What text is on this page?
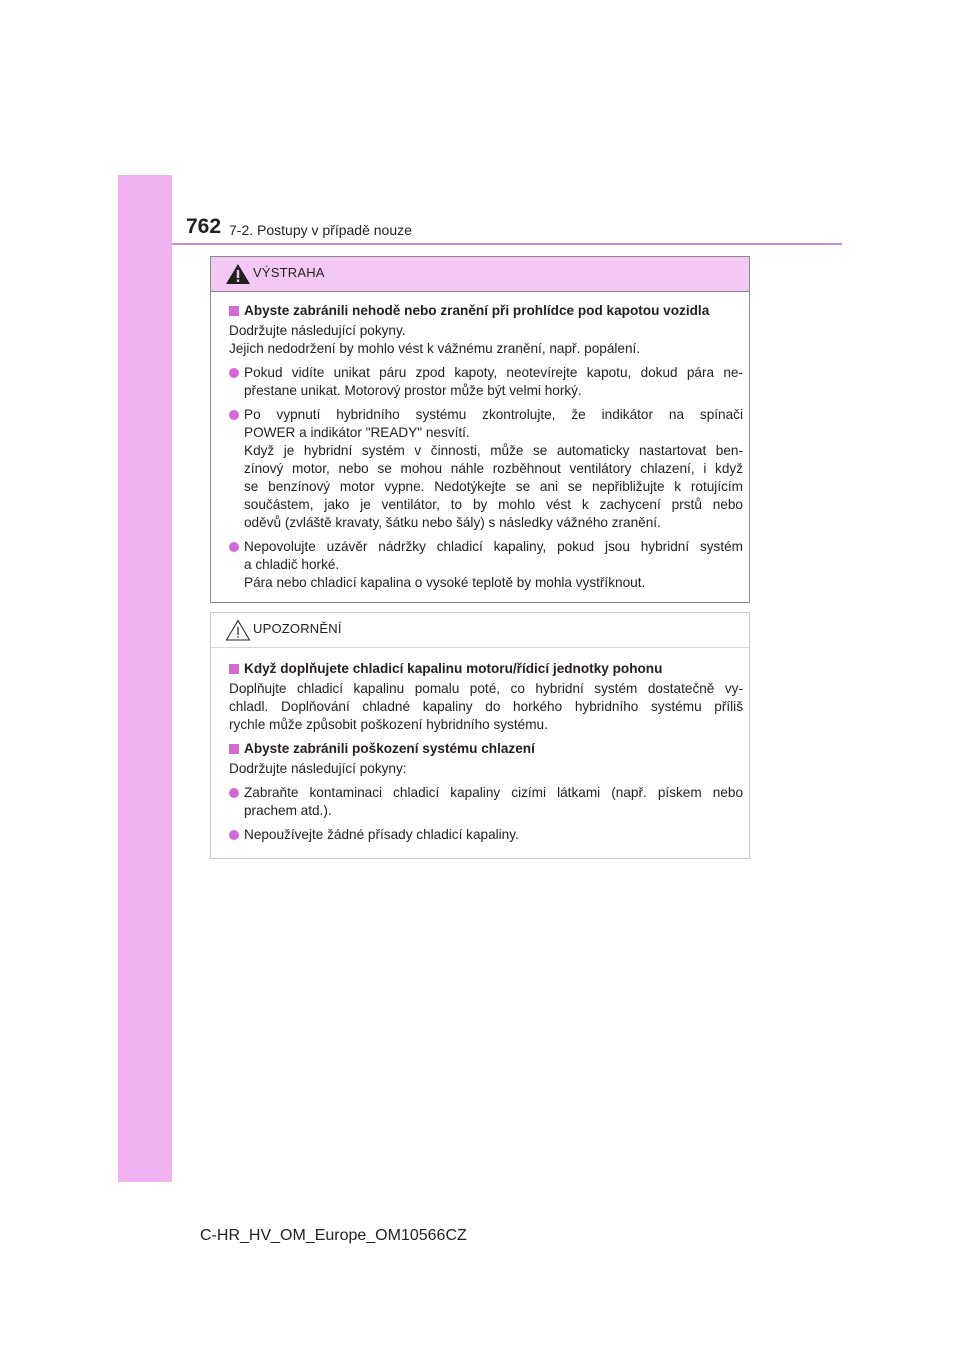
762 7-2. Postupy v případě nouze
VÝSTRAHA
Abyste zabránili nehodě nebo zranění při prohlídce pod kapotou vozidla
Dodržujte následující pokyny.
Jejich nedodržení by mohlo vést k vážnému zranění, např. popálení.
Pokud vidíte unikat páru zpod kapoty, neotevírejte kapotu, dokud pára ne-
přestane unikat. Motorový prostor může být velmi horký.
Po vypnutí hybridního systému zkontrolujte, že indikátor na spínači
POWER a indikátor "READY" nesvítí.
Když je hybridní systém v činnosti, může se automaticky nastartovat ben-
zínový motor, nebo se mohou náhle rozběhnout ventilátory chlazení, i když
se benzínový motor vypne. Nedotýkejte se ani se nepřibližujte k rotujícím
součástem, jako je ventilátor, to by mohlo vést k zachycení prstů nebo
oděvů (zvláště kravaty, šátku nebo šály) s následky vážného zranění.
Nepovolujte uzávěr nádržky chladicí kapaliny, pokud jsou hybridní systém
a chladič horké.
Pára nebo chladicí kapalina o vysoké teplotě by mohla vystříknout.
UPOZORNĚNÍ
Když doplňujete chladicí kapalinu motoru/řídicí jednotky pohonu
Doplňujte chladicí kapalinu pomalu poté, co hybridní systém dostatečně vy-
chladl. Doplňování chladné kapaliny do horkého hybridního systému příliš
rychle může způsobit poškození hybridního systému.
Abyste zabránili poškození systému chlazení
Dodržujte následující pokyny:
Zabraňte kontaminaci chladicí kapaliny cizími látkami (např. pískem nebo
prachem atd.).
Nepoužívejte žádné přísady chladicí kapaliny.
C-HR_HV_OM_Europe_OM10566CZ
